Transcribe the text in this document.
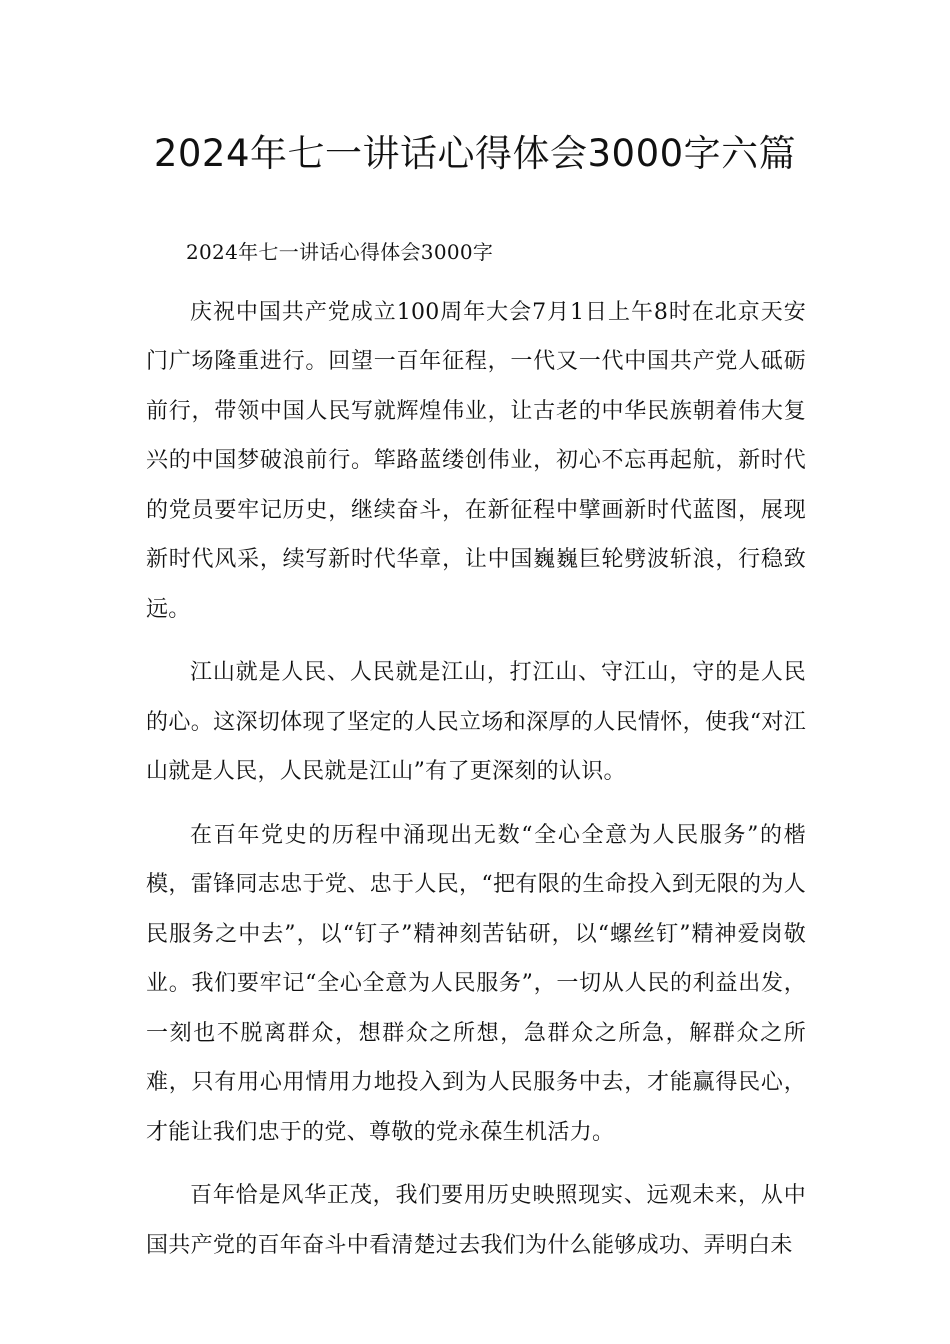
2024年七一讲话心得体会3000字六篇

2024年七一讲话心得体会3000字

庆祝中国共产党成立100周年大会7月1日上午8时在北京天安门广场隆重进行。回望一百年征程，一代又一代中国共产党人砥砺前行，带领中国人民写就辉煌伟业，让古老的中华民族朝着伟大复兴的中国梦破浪前行。筚路蓝缕创伟业，初心不忘再起航，新时代的党员要牢记历史，继续奋斗，在新征程中擘画新时代蓝图，展现新时代风采，续写新时代华章，让中国巍巍巨轮劈波斩浪，行稳致远。

江山就是人民、人民就是江山，打江山、守江山，守的是人民的心。这深切体现了坚定的人民立场和深厚的人民情怀，使我“对江山就是人民，人民就是江山”有了更深刻的认识。

在百年党史的历程中涌现出无数“全心全意为人民服务”的楷模，雷锋同志忠于党、忠于人民，“把有限的生命投入到无限的为人民服务之中去”，以“钉子”精神刻苦钻研，以“螺丝钉”精神爱岗敬业。我们要牢记“全心全意为人民服务”，一切从人民的利益出发，一刻也不脱离群众，想群众之所想，急群众之所急，解群众之所难，只有用心用情用力地投入到为人民服务中去，才能赢得民心，才能让我们忠于的党、尊敬的党永葆生机活力。

百年恰是风华正茂，我们要用历史映照现实、远观未来，从中国共产党的百年奋斗中看清楚过去我们为什么能够成功、弄明白未
